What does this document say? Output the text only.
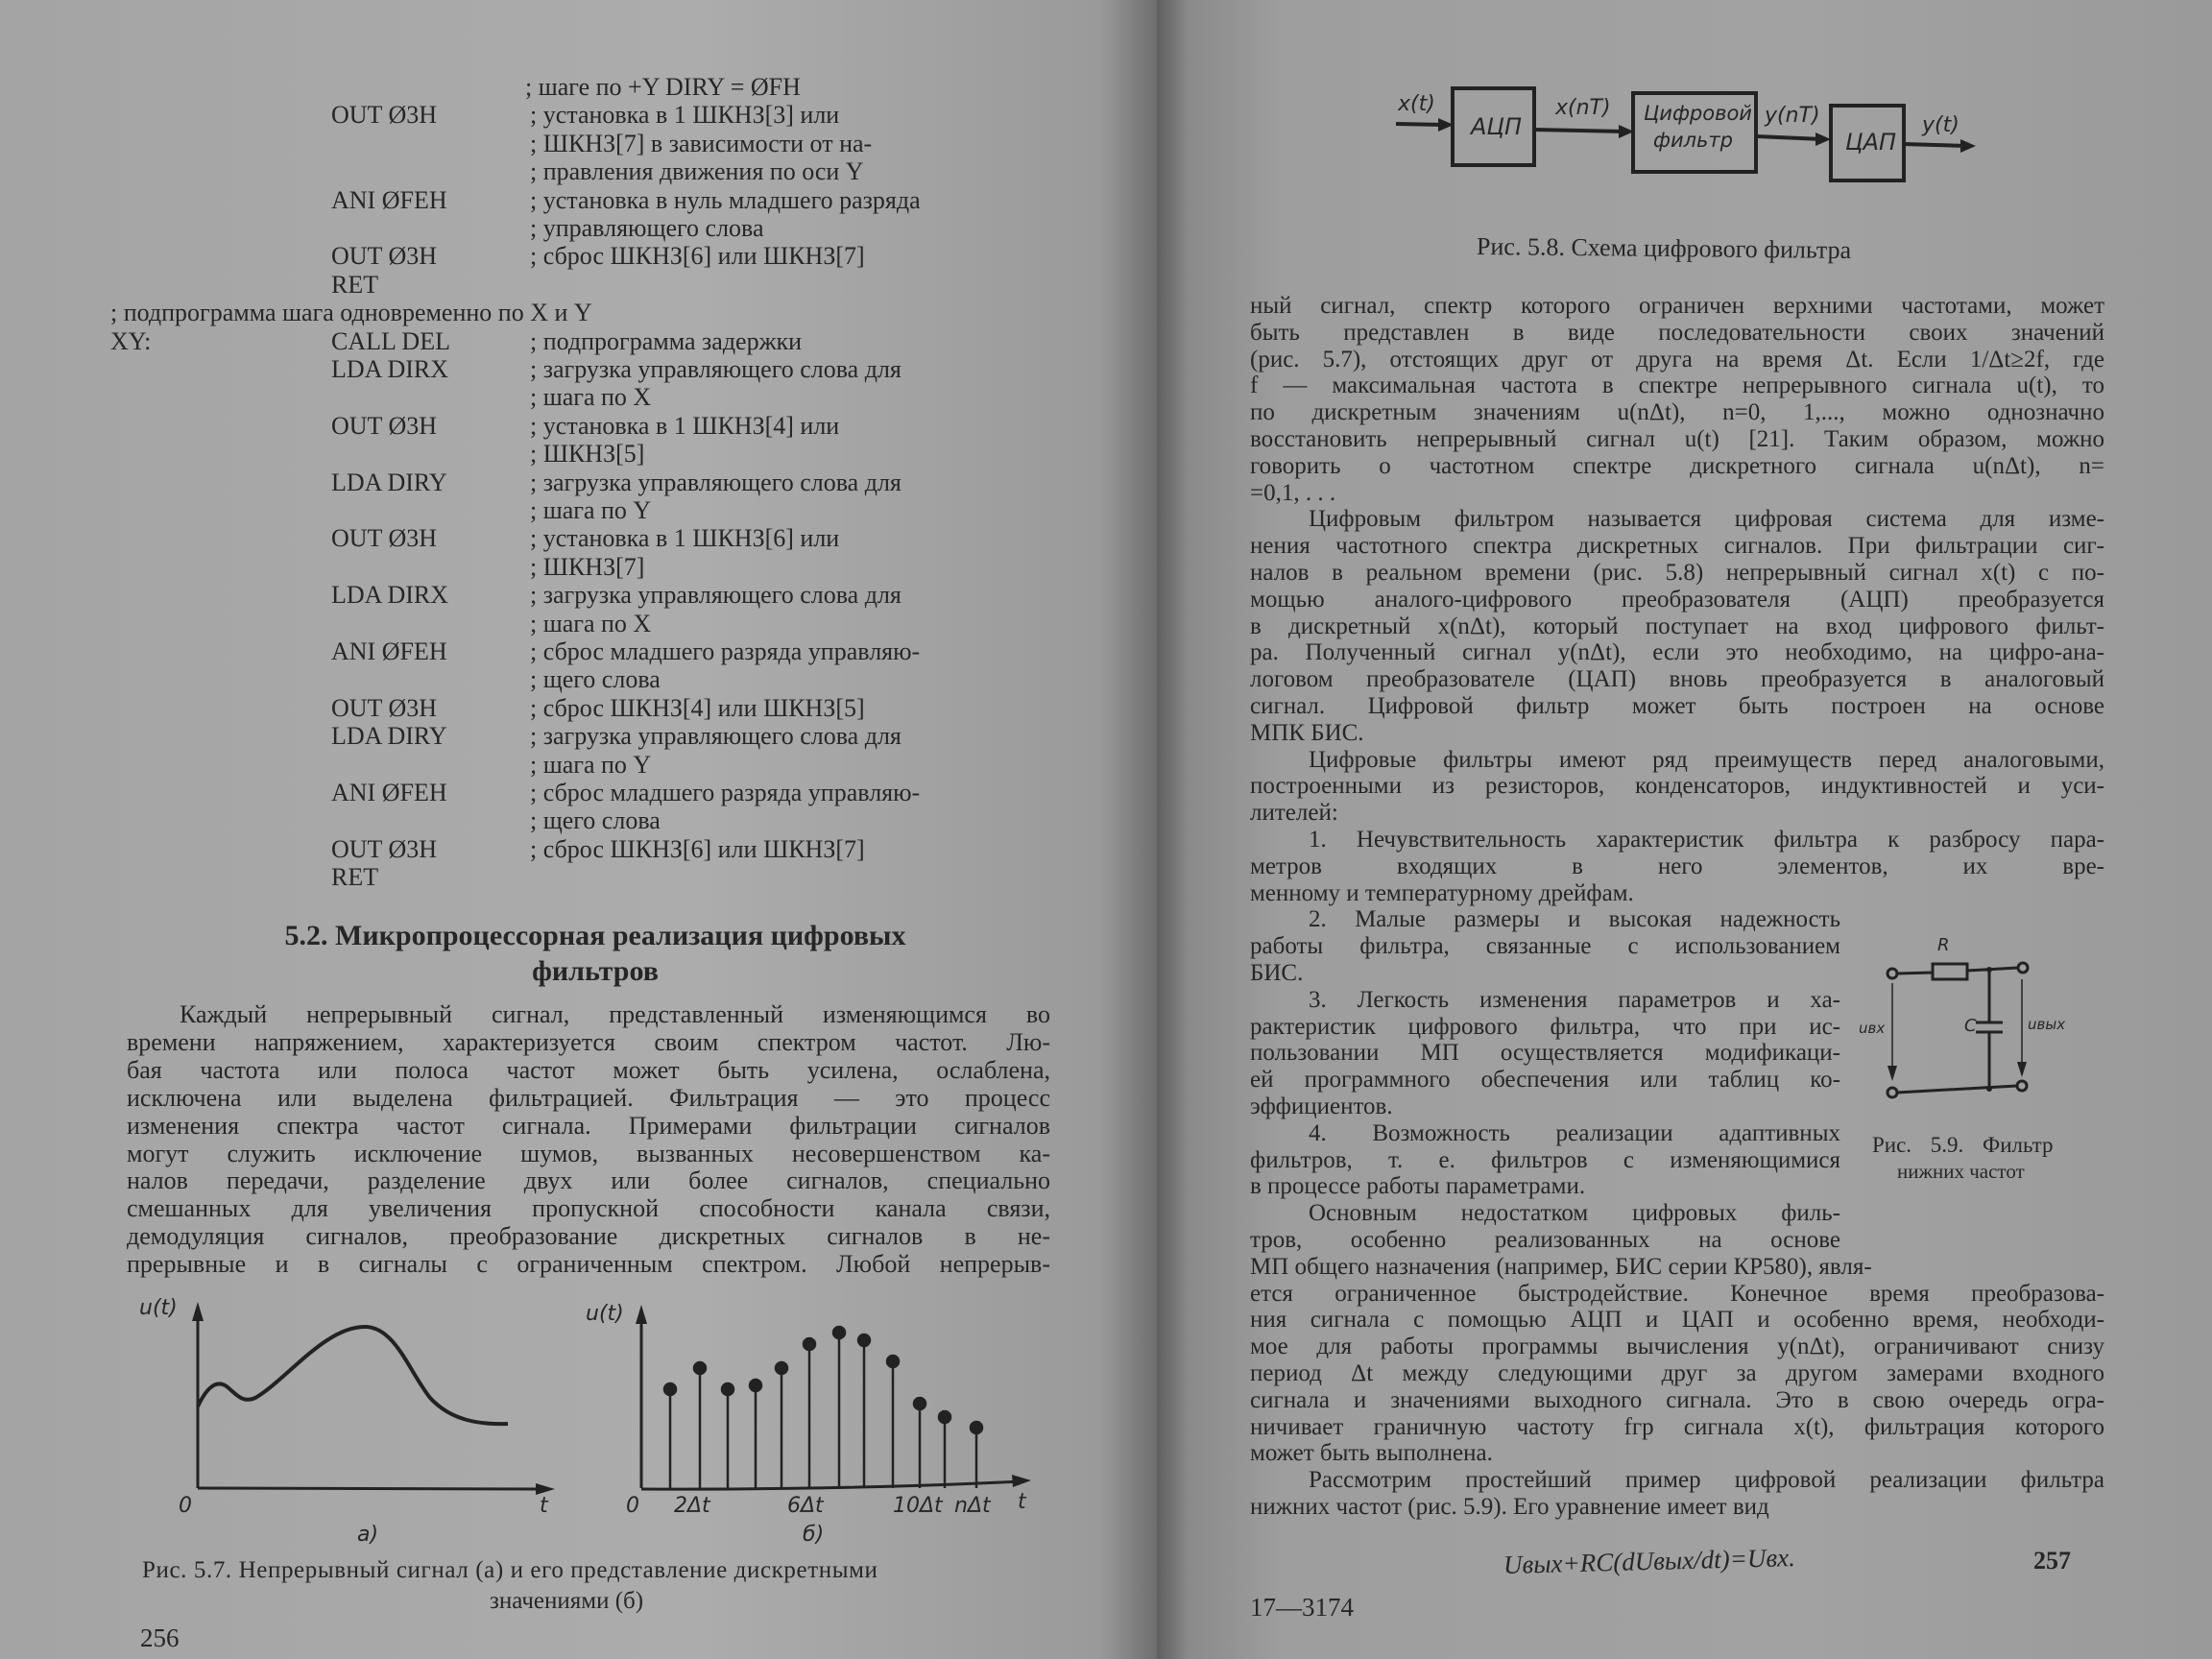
; шаге по +Y DIRY = ØFH
OUT Ø3H	; установка в 1 ШКНЗ[3] или
; ШКНЗ[7] в зависимости от на-
; правления движения по оси Y
ANI ØFEH	; установка в нуль младшего разряда
; управляющего слова
OUT Ø3H	; сброс ШКНЗ[6] или ШКНЗ[7]
RET
; подпрограмма шага одновременно по X и Y
XY:	CALL DEL	; подпрограмма задержки
LDA DIRX	; загрузка управляющего слова для
; шага по X
OUT Ø3H	; установка в 1 ШКНЗ[4] или
; ШКНЗ[5]
LDA DIRY	; загрузка управляющего слова для
; шага по Y
OUT Ø3H	; установка в 1 ШКНЗ[6] или
; ШКНЗ[7]
LDA DIRX	; загрузка управляющего слова для
; шага по X
ANI ØFEH	; сброс младшего разряда управляю-
; щего слова
OUT Ø3H	; сброс ШКНЗ[4] или ШКНЗ[5]
LDA DIRY	; загрузка управляющего слова для
; шага по Y
ANI ØFEH	; сброс младшего разряда управляю-
; щего слова
OUT Ø3H	; сброс ШКНЗ[6] или ШКНЗ[7]
RET
5.2. Микропроцессорная реализация цифровых
фильтров
Каждый непрерывный сигнал, представленный изменяющимся во
времени напряжением, характеризуется своим спектром частот. Лю-
бая частота или полоса частот может быть усилена, ослаблена,
исключена или выделена фильтрацией. Фильтрация — это процесс
изменения спектра частот сигнала. Примерами фильтрации сигналов
могут служить исключение шумов, вызванных несовершенством ка-
налов передачи, разделение двух или более сигналов, специально
смешанных для увеличения пропускной способности канала связи,
демодуляция сигналов, преобразование дискретных сигналов в не-
прерывные и в сигналы с ограниченным спектром. Любой непрерыв-
u(t)
0	t
а)
u(t)
0 2Δt	6Δt	10Δt nΔt t
б)
Рис. 5.7. Непрерывный сигнал (а) и его представление дискретными
значениями (б)
256
x(t)
АЦП
x(nT) Цифровой
фильтр
y(nT)
ЦАП
y(t)
Рис. 5.8. Схема цифрового фильтра
R
uвх	C	uвых
Рис. 5.9. Фильтр
нижних частот
ный сигнал, спектр которого ограничен верхними частотами, может
быть представлен в виде последовательности своих значений
(рис. 5.7), отстоящих друг от друга на время Δt. Если 1/Δt≥2f, где
f — максимальная частота в спектре непрерывного сигнала u(t), то
по дискретным значениям u(nΔt), n=0, 1,..., можно однозначно
восстановить непрерывный сигнал u(t) [21]. Таким образом, можно
говорить о частотном спектре дискретного сигнала u(nΔt), n=
=0,1, . . .
Цифровым фильтром называется цифровая система для изме-
нения частотного спектра дискретных сигналов. При фильтрации сиг-
налов в реальном времени (рис. 5.8) непрерывный сигнал x(t) с по-
мощью аналого-цифрового преобразователя (АЦП) преобразуется
в дискретный x(nΔt), который поступает на вход цифрового фильт-
ра. Полученный сигнал y(nΔt), если это необходимо, на цифро-ана-
логовом преобразователе (ЦАП) вновь преобразуется в аналоговый
сигнал. Цифровой фильтр может быть построен на основе
МПК БИС.
Цифровые фильтры имеют ряд преимуществ перед аналоговыми,
построенными из резисторов, конденсаторов, индуктивностей и уси-
лителей:
1. Нечувствительность характеристик фильтра к разбросу пара-
метров входящих в него элементов, их вре-
менному и температурному дрейфам.
2. Малые размеры и высокая надежность
работы фильтра, связанные с использованием
БИС.
3. Легкость изменения параметров и ха-
рактеристик цифрового фильтра, что при ис-
пользовании МП осуществляется модификаци-
ей программного обеспечения или таблиц ко-
эффициентов.
4. Возможность реализации адаптивных
фильтров, т. е. фильтров с изменяющимися
в процессе работы параметрами.
Основным недостатком цифровых филь-
тров, особенно реализованных на основе
МП общего назначения (например, БИС серии КР580), явля-
ется ограниченное быстродействие. Конечное время преобразова-
ния сигнала с помощью АЦП и ЦАП и особенно время, необходи-
мое для работы программы вычисления y(nΔt), ограничивают снизу
период Δt между следующими друг за другом замерами входного
сигнала и значениями выходного сигнала. Это в свою очередь огра-
ничивает граничную частоту fгр сигнала x(t), фильтрация которого
может быть выполнена.
Рассмотрим простейший пример цифровой реализации фильтра
нижних частот (рис. 5.9). Его уравнение имеет вид
Uвых+RC(dUвых/dt)=Uвх.	257
17—3174
